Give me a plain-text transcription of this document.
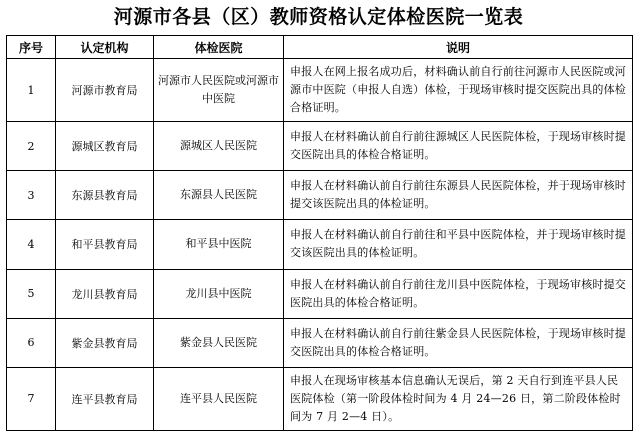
河源市各县（区）教师资格认定体检医院一览表
序号	认定机构	体检医院	说明
1	河源市教育局	河源市人民医院或河源市中医院	申报人在网上报名成功后，材料确认前自行前往河源市人民医院或河源市中医院（申报人自选）体检，于现场审核时提交医院出具的体检合格证明。
2	源城区教育局	源城区人民医院	申报人在材料确认前自行前往源城区人民医院体检，于现场审核时提交医院出具的体检合格证明。
3	东源县教育局	东源县人民医院	申报人在材料确认前自行前往东源县人民医院体检，并于现场审核时提交该医院出具的体检证明。
4	和平县教育局	和平县中医院	申报人在材料确认前自行前往和平县中医院体检，并于现场审核时提交该医院出具的体检证明。
5	龙川县教育局	龙川县中医院	申报人在材料确认前自行前往龙川县中医院体检，于现场审核时提交医院出具的体检合格证明。
6	紫金县教育局	紫金县人民医院	申报人在材料确认前自行前往紫金县人民医院体检，于现场审核时提交医院出具的体检合格证明。
7	连平县教育局	连平县人民医院	申报人在现场审核基本信息确认无误后，第 2 天自行到连平县人民医院体检（第一阶段体检时间为 4 月 24—26 日，第二阶段体检时间为 7 月 2—4 日）。
